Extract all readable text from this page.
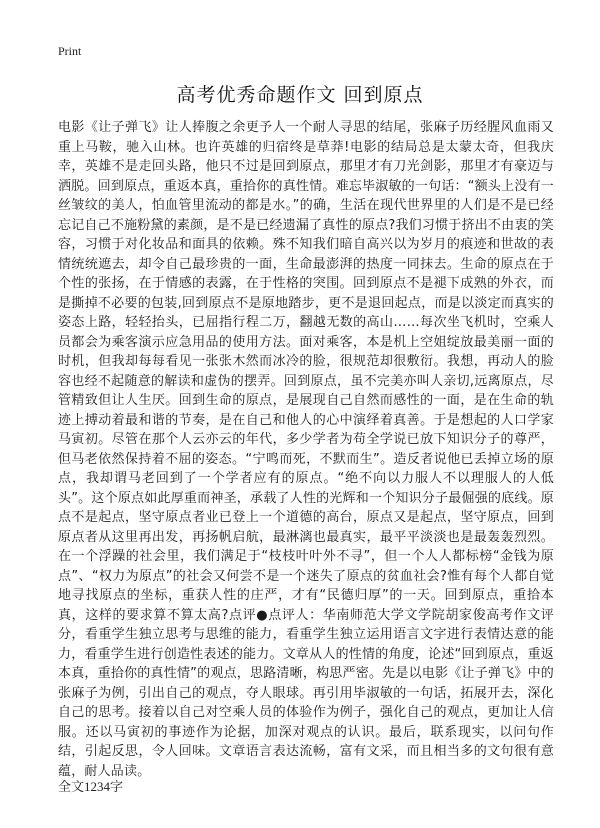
Print
高考优秀命题作文 回到原点

电影《让子弹飞》让人捧腹之余更予人一个耐人寻思的结尾，张麻子历经腥风血雨又重上马鞍，驰入山林。也许英雄的归宿终是草莽!电影的结局总是太蒙太奇，但我庆幸，英雄不是走回头路，他只不过是回到原点，那里才有刀光剑影，那里才有豪迈与洒脱。回到原点，重返本真，重拾你的真性情。难忘毕淑敏的一句话：“额头上没有一丝皱纹的美人，怕血管里流动的都是水。”的确，生活在现代世界里的人们是不是已经忘记自己不施粉黛的素颜，是不是已经遗漏了真性的原点?我们习惯于挤出不由衷的笑容，习惯于对化妆品和面具的依赖。殊不知我们暗自高兴以为岁月的痕迹和世故的表情统统遮去，却令自己最珍贵的一面，生命最澎湃的热度一同抹去。生命的原点在于个性的张扬，在于情感的表露，在于性格的突围。回到原点不是褪下成熟的外衣，而是撕掉不必要的包装,回到原点不是原地踏步，更不是退回起点，而是以淡定而真实的姿态上路，轻轻抬头，已屈指行程二万，翻越无数的高山……每次坐飞机时，空乘人员都会为乘客演示应急用品的使用方法。面对乘客，本是机上空姐绽放最美丽一面的时机，但我却每每看见一张张木然而冰冷的脸，很规范却很敷衍。我想，再动人的脸容也经不起随意的解读和虚伪的摆弄。回到原点，虽不完美亦叫人亲切,远离原点，尽管精致但让人生厌。回到生命的原点，是展现自己自然而感性的一面，是在生命的轨迹上搏动着最和谐的节奏，是在自己和他人的心中演绎着真善。于是想起的人口学家马寅初。尽管在那个人云亦云的年代，多少学者为苟全学说已放下知识分子的尊严，但马老依然保持着不屈的姿态。“宁鸣而死，不默而生”。造反者说他已丢掉立场的原点，我却谓马老回到了一个学者应有的原点。“绝不向以力服人不以理服人的人低头”。这个原点如此厚重而神圣，承载了人性的光辉和一个知识分子最倔强的底线。原点不是起点，坚守原点者业已登上一个道德的高台，原点又是起点，坚守原点，回到原点者从这里再出发，再扬帆启航，最淋漓也最真实，最平平淡淡也是最轰轰烈烈。在一个浮躁的社会里，我们满足于“枝枝叶叶外不寻”，但一个人人都标榜“金钱为原点”、“权力为原点”的社会又何尝不是一个迷失了原点的贫血社会?惟有每个人都自觉地寻找原点的坐标，重获人性的庄严，才有“民德归厚”的一天。回到原点，重拾本真，这样的要求算不算太高?点评●点评人：华南师范大学文学院胡家俊高考作文评分，看重学生独立思考与思维的能力，看重学生独立运用语言文字进行表情达意的能力，看重学生进行创造性表述的能力。文章从人的性情的角度，论述“回到原点，重返本真，重拾你的真性情”的观点，思路清晰，构思严密。先是以电影《让子弹飞》中的张麻子为例，引出自己的观点，夺人眼球。再引用毕淑敏的一句话，拓展开去，深化自己的思考。接着以自己对空乘人员的体验作为例子，强化自己的观点，更加让人信服。还以马寅初的事迹作为论据，加深对观点的认识。最后，联系现实，以问句作结，引起反思，令人回味。文章语言表达流畅，富有文采，而且相当多的文句很有意蕴，耐人品读。

全文1234字
